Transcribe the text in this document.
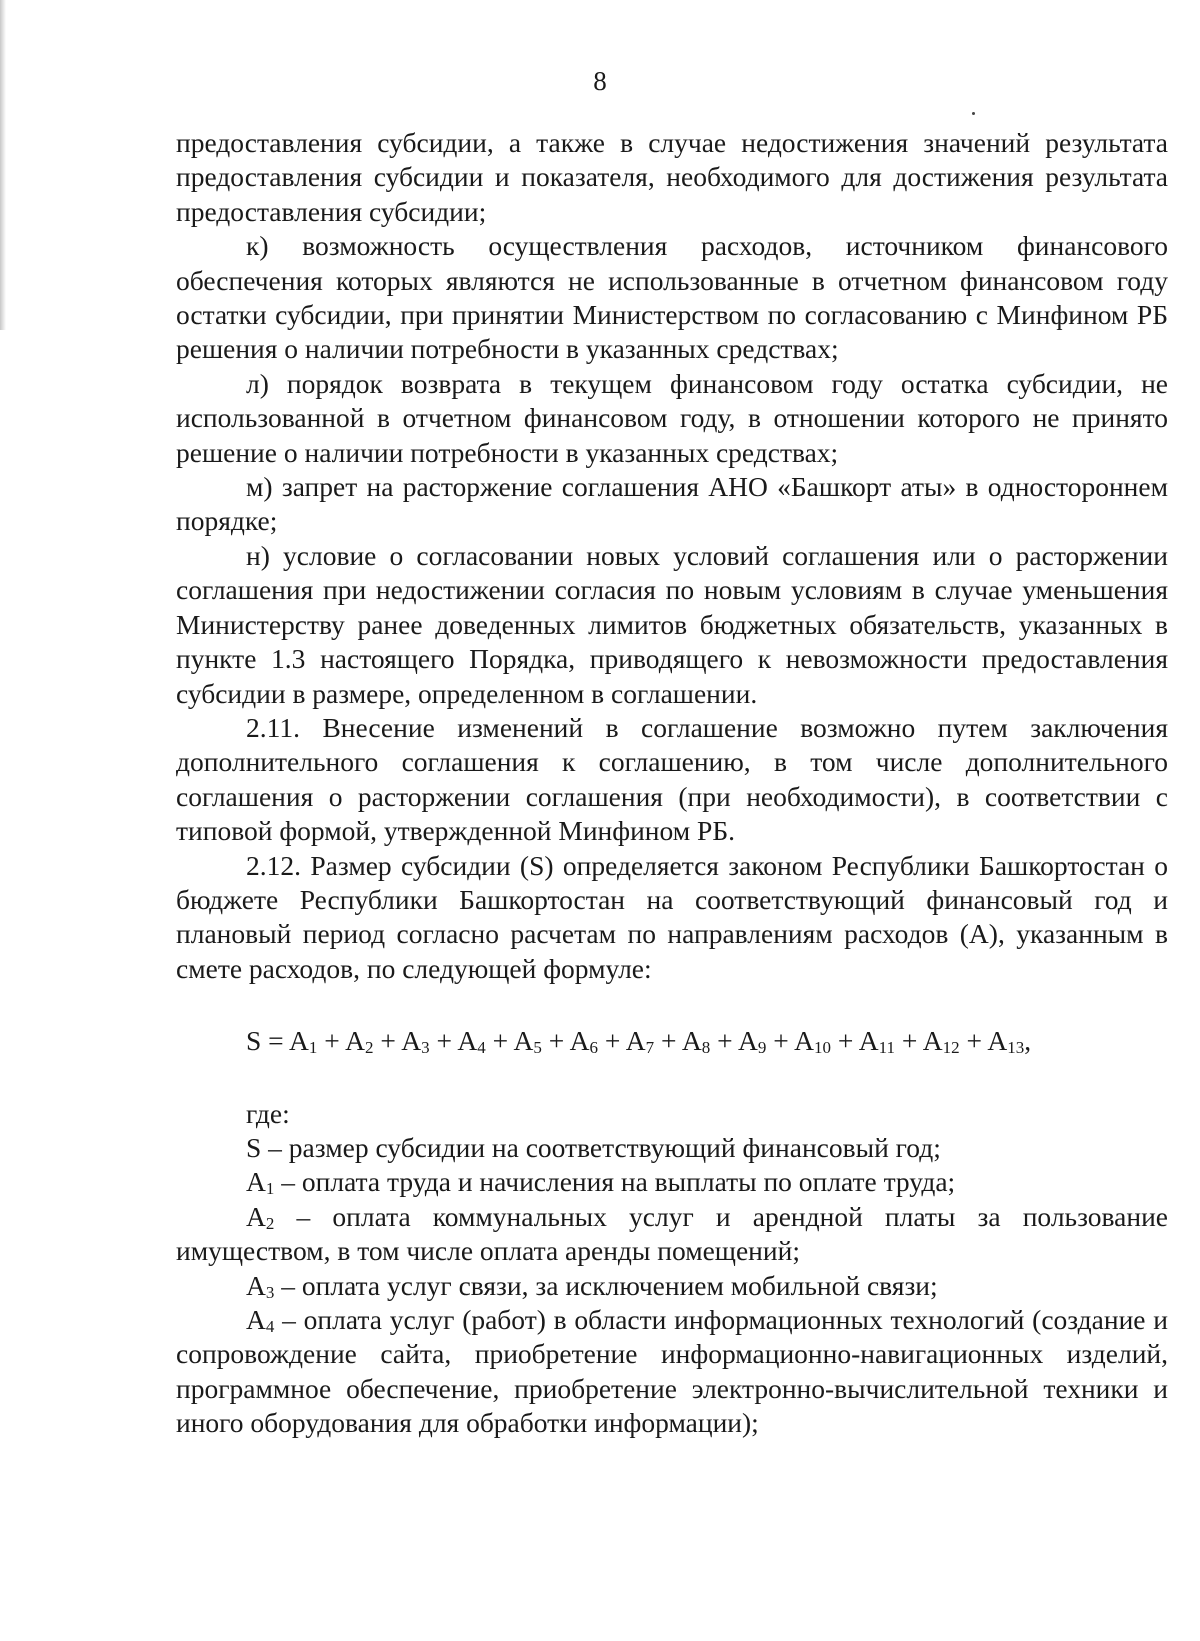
8

предоставления субсидии, а также в случае недостижения значений результата предоставления субсидии и показателя, необходимого для достижения результата предоставления субсидии;

к) возможность осуществления расходов, источником финансового обеспечения которых являются не использованные в отчетном финансовом году остатки субсидии, при принятии Министерством по согласованию с Минфином РБ решения о наличии потребности в указанных средствах;

л) порядок возврата в текущем финансовом году остатка субсидии, не использованной в отчетном финансовом году, в отношении которого не принято решение о наличии потребности в указанных средствах;

м) запрет на расторжение соглашения АНО «Башкорт аты» в одностороннем порядке;

н) условие о согласовании новых условий соглашения или о расторжении соглашения при недостижении согласия по новым условиям в случае уменьшения Министерству ранее доведенных лимитов бюджетных обязательств, указанных в пункте 1.3 настоящего Порядка, приводящего к невозможности предоставления субсидии в размере, определенном в соглашении.

2.11. Внесение изменений в соглашение возможно путем заключения дополнительного соглашения к соглашению, в том числе дополнительного соглашения о расторжении соглашения (при необходимости), в соответствии с типовой формой, утвержденной Минфином РБ.

2.12. Размер субсидии (S) определяется законом Республики Башкортостан о бюджете Республики Башкортостан на соответствующий финансовый год и плановый период согласно расчетам по направлениям расходов (A), указанным в смете расходов, по следующей формуле:

$S = A_1 + A_2 + A_3 + A_4 + A_5 + A_6 + A_7 + A_8 + A_9 + A_{10} + A_{11} + A_{12} + A_{13}$,

где:

S – размер субсидии на соответствующий финансовый год;

$A_1$ – оплата труда и начисления на выплаты по оплате труда;

$A_2$ – оплата коммунальных услуг и арендной платы за пользование имуществом, в том числе оплата аренды помещений;

$A_3$ – оплата услуг связи, за исключением мобильной связи;

$A_4$ – оплата услуг (работ) в области информационных технологий (создание и сопровождение сайта, приобретение информационно-навигационных изделий, программное обеспечение, приобретение электронно-вычислительной техники и иного оборудования для обработки информации);
